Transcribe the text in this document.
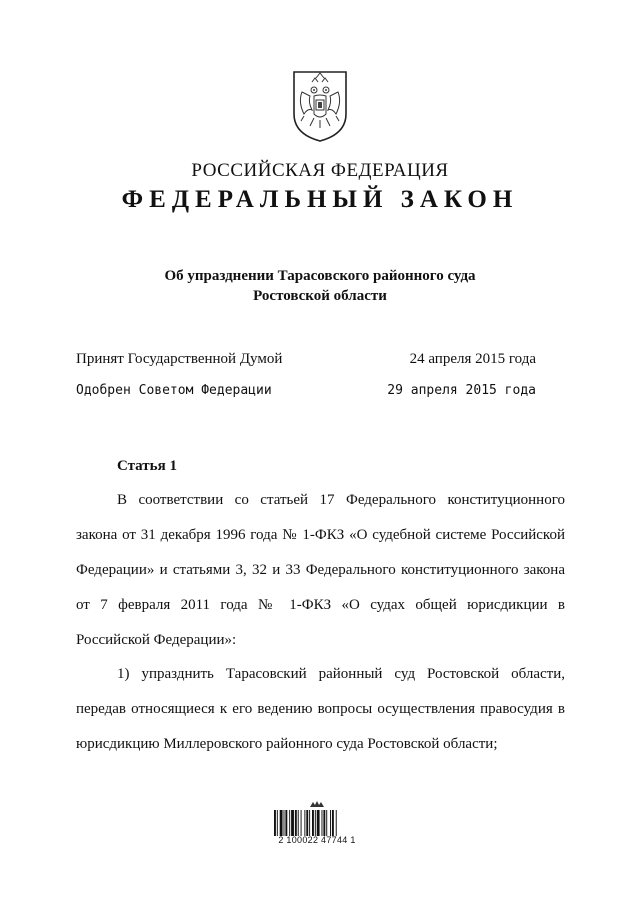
РОССИЙСКАЯ ФЕДЕРАЦИЯ
ФЕДЕРАЛЬНЫЙ ЗАКОН
Об упразднении Тарасовского районного суда
Ростовской области
Принят Государственной Думой	24 апреля 2015 года
Одобрен Советом Федерации	29 апреля 2015 года
Статья 1
В соответствии со статьей 17 Федерального конституционного
закона от 31 декабря 1996 года № 1-ФКЗ «О судебной системе Российской
Федерации» и статьями 3, 32 и 33 Федерального конституционного закона
от 7 февраля 2011 года № 1-ФКЗ «О судах общей юрисдикции в
Российской Федерации»:
1) упразднить Тарасовский районный суд Ростовской области,
передав относящиеся к его ведению вопросы осуществления правосудия в
юрисдикцию Миллеровского районного суда Ростовской области;
2 100022 47744 1
